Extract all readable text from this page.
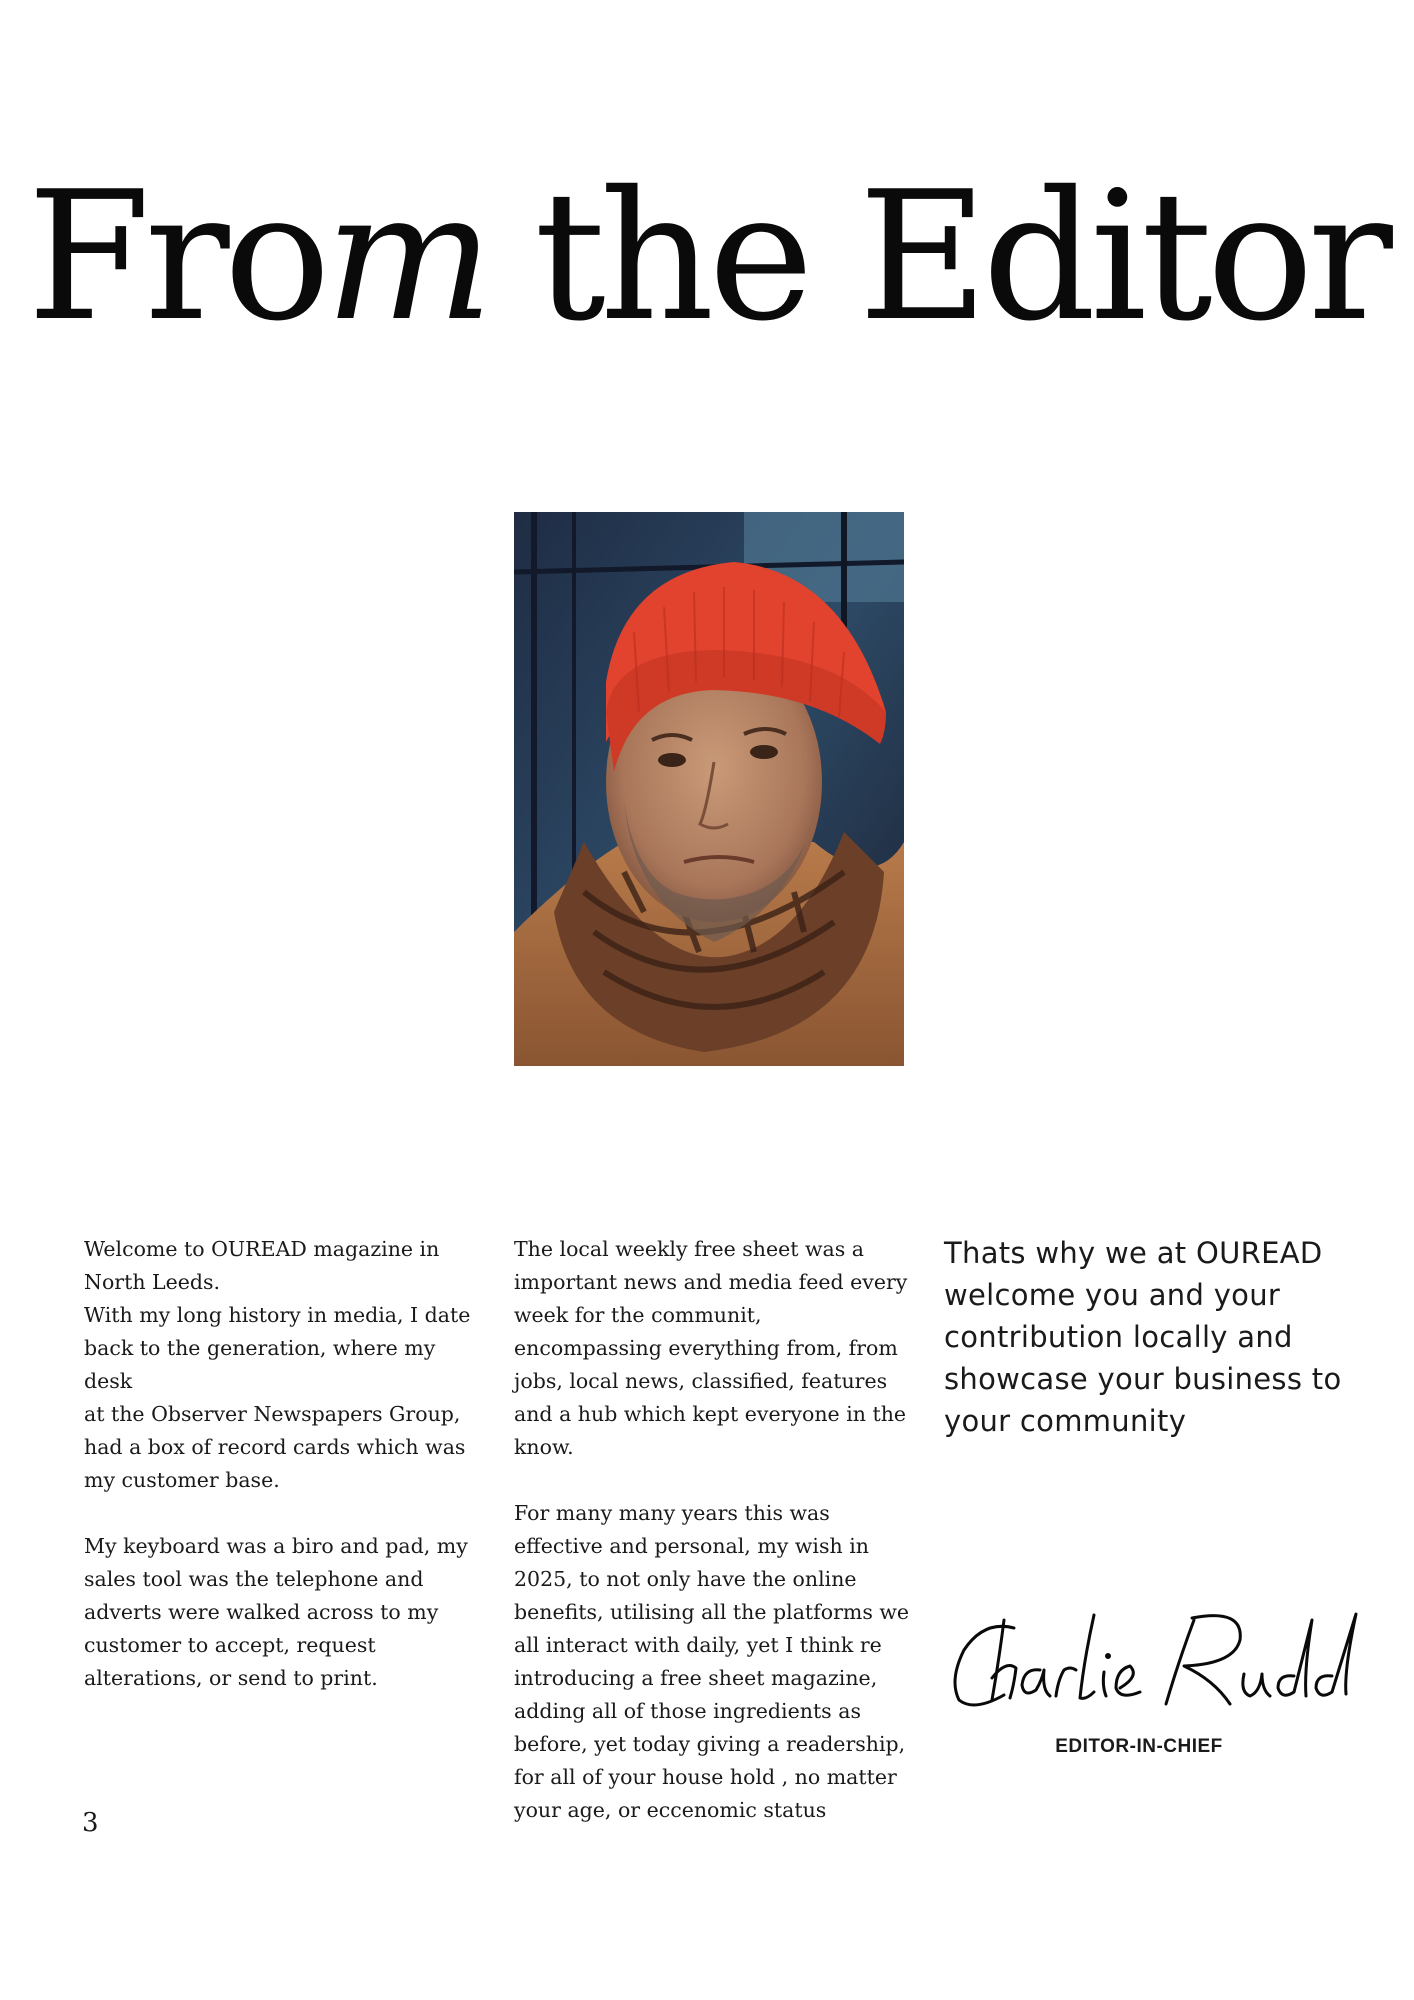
From the Editor

Welcome to OUREAD magazine in
North Leeds.
With my long history in media, I date
back to the generation, where my desk
at the Observer Newspapers Group,
had a box of record cards which was
my customer base.

My keyboard was a biro and pad, my
sales tool was the telephone and
adverts were walked across to my
customer to accept, request
alterations, or send to print.

The local weekly free sheet was a
important news and media feed every
week for the communit,
encompassing everything from, from
jobs, local news, classified, features
and a hub which kept everyone in the
know.

For many many years this was
effective and personal, my wish in
2025, to not only have the online
benefits, utilising all the platforms we
all interact with daily, yet I think re
introducing a free sheet magazine,
adding all of those ingredients as
before, yet today giving a readership,
for all of your house hold , no matter
your age, or eccenomic status

Thats why we at OUREAD
welcome you and your
contribution locally and
showcase your business to
your community
EDITOR-IN-CHIEF
3
